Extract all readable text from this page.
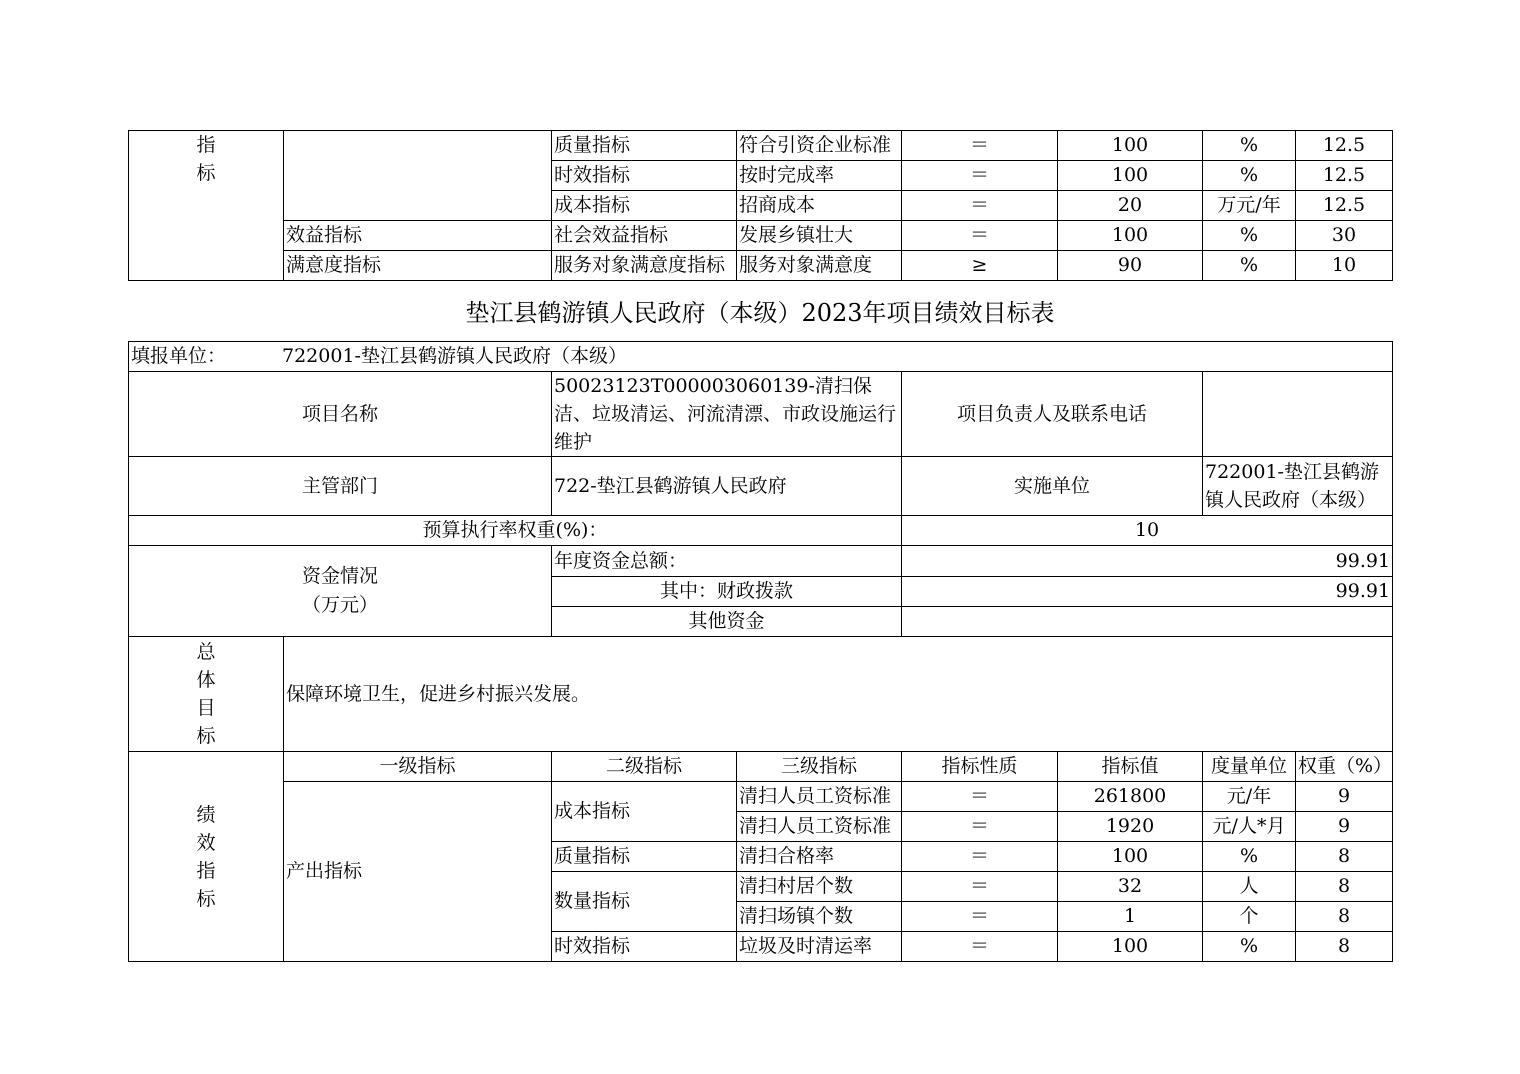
指
标		质量指标	符合引资企业标准	＝	100	%	12.5
		时效指标	按时完成率	＝	100	%	12.5
		成本指标	招商成本	＝	20	万元/年	12.5
	效益指标	社会效益指标	发展乡镇壮大	＝	100	%	30
	满意度指标	服务对象满意度指标	服务对象满意度	≥	90	%	10
垫江县鹤游镇人民政府（本级）2023年项目绩效目标表
填报单位： 722001-垫江县鹤游镇人民政府（本级）							
项目名称		50023123T000003060139-清扫保洁、垃圾清运、河流清漂、市政设施运行维护		项目负责人及联系电话			
主管部门		722-垫江县鹤游镇人民政府		实施单位		722001-垫江县鹤游镇人民政府（本级）	
预算执行率权重(%)：				10			
资金情况
（万元）		年度资金总额：		99.91			
		其中：财政拨款		99.91			
		其他资金					
总
体
目
标	保障环境卫生，促进乡村振兴发展。						
绩
效
指
标	一级指标	二级指标	三级指标	指标性质	指标值	度量单位	权重（%）
	产出指标	成本指标	清扫人员工资标准	＝	261800	元/年	9
			清扫人员工资标准	＝	1920	元/人*月	9
		质量指标	清扫合格率	＝	100	%	8
		数量指标	清扫村居个数	＝	32	人	8
			清扫场镇个数	＝	1	个	8
		时效指标	垃圾及时清运率	＝	100	%	8
